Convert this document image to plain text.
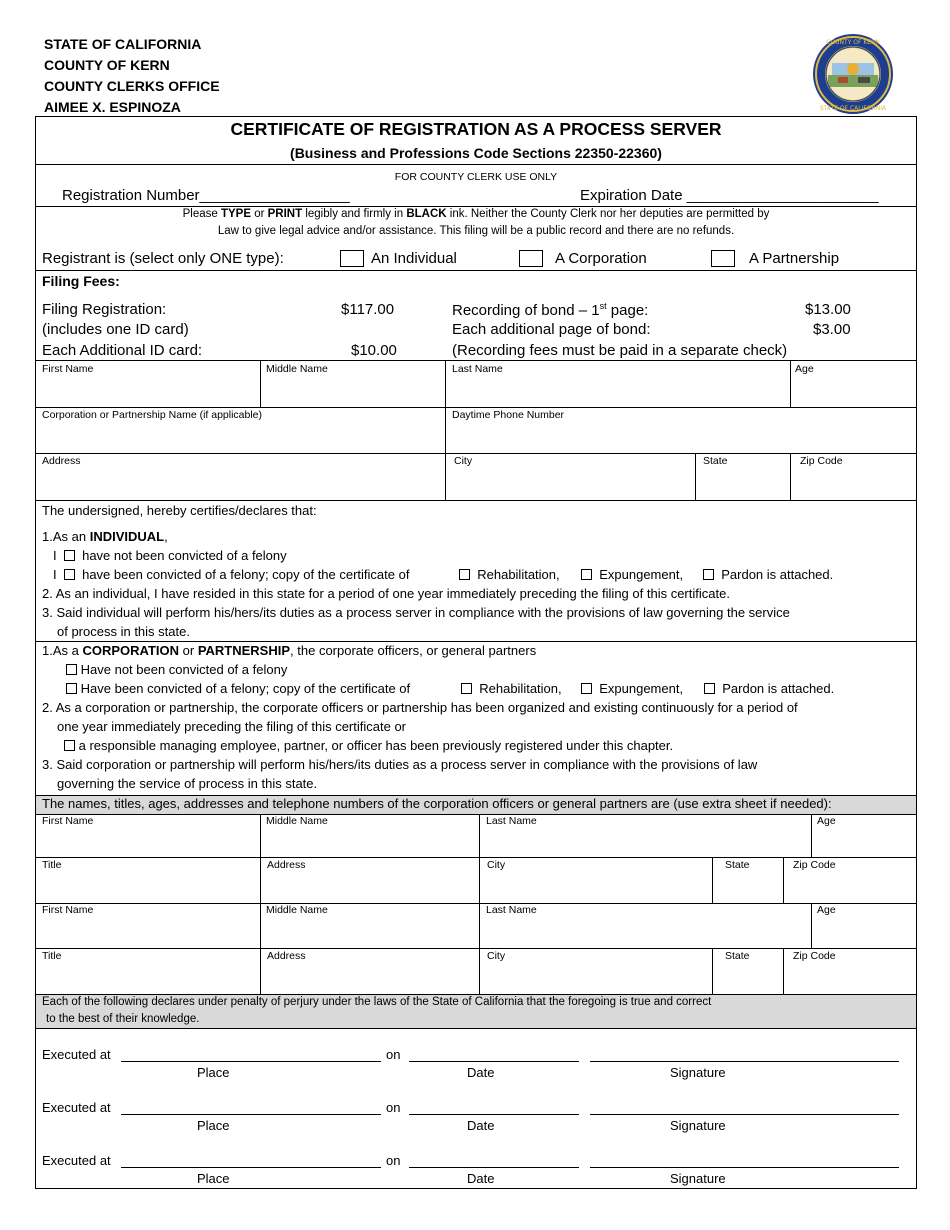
STATE OF CALIFORNIA
COUNTY OF KERN
COUNTY CLERKS OFFICE
AIMEE X. ESPINOZA
COUNTY OF KERN
STATE OF CALIFORNIA
CERTIFICATE OF REGISTRATION AS A PROCESS SERVER
(Business and Professions Code Sections 22350-22360)
FOR COUNTY CLERK USE ONLY
Registration Number__________________	Expiration Date _______________________
Please TYPE or PRINT legibly and firmly in BLACK ink. Neither the County Clerk nor her deputies are permitted by
Law to give legal advice and/or assistance. This filing will be a public record and there are no refunds.
Registrant is (select only ONE type):	An Individual	A Corporation	A Partnership
Filing Fees:
Filing Registration:	$117.00
(includes one ID card)
Each Additional ID card:	$10.00
Recording of bond – 1st page:	$13.00
Each additional page of bond:	$3.00
(Recording fees must be paid in a separate check)
First Name	Middle Name	Last Name	Age
Corporation or Partnership Name (if applicable)	Daytime Phone Number
Address	City	State	Zip Code
The undersigned, hereby certifies/declares that:
1.As an INDIVIDUAL,
I have not been convicted of a felony
I have been convicted of a felony; copy of the certificate of	Rehabilitation,	Expungement,	Pardon is attached.
2. As an individual, I have resided in this state for a period of one year immediately preceding the filing of this certificate.
3. Said individual will perform his/hers/its duties as a process server in compliance with the provisions of law governing the service
of process in this state.
1.As a CORPORATION or PARTNERSHIP, the corporate officers, or general partners
Have not been convicted of a felony
Have been convicted of a felony; copy of the certificate of	Rehabilitation,	Expungement,	Pardon is attached.
2. As a corporation or partnership, the corporate officers or partnership has been organized and existing continuously for a period of
one year immediately preceding the filing of this certificate or
a responsible managing employee, partner, or officer has been previously registered under this chapter.
3. Said corporation or partnership will perform his/hers/its duties as a process server in compliance with the provisions of law
governing the service of process in this state.
The names, titles, ages, addresses and telephone numbers of the corporation officers or general partners are (use extra sheet if needed):
First Name	Middle Name	Last Name	Age
Title	Address	City	State	Zip Code
First Name	Middle Name	Last Name	Age
Title	Address	City	State	Zip Code
Each of the following declares under penalty of perjury under the laws of the State of California that the foregoing is true and correct
to the best of their knowledge.
Executed at	on
Place	Date	Signature
Executed at	on
Place	Date	Signature
Executed at	on
Place	Date	Signature
